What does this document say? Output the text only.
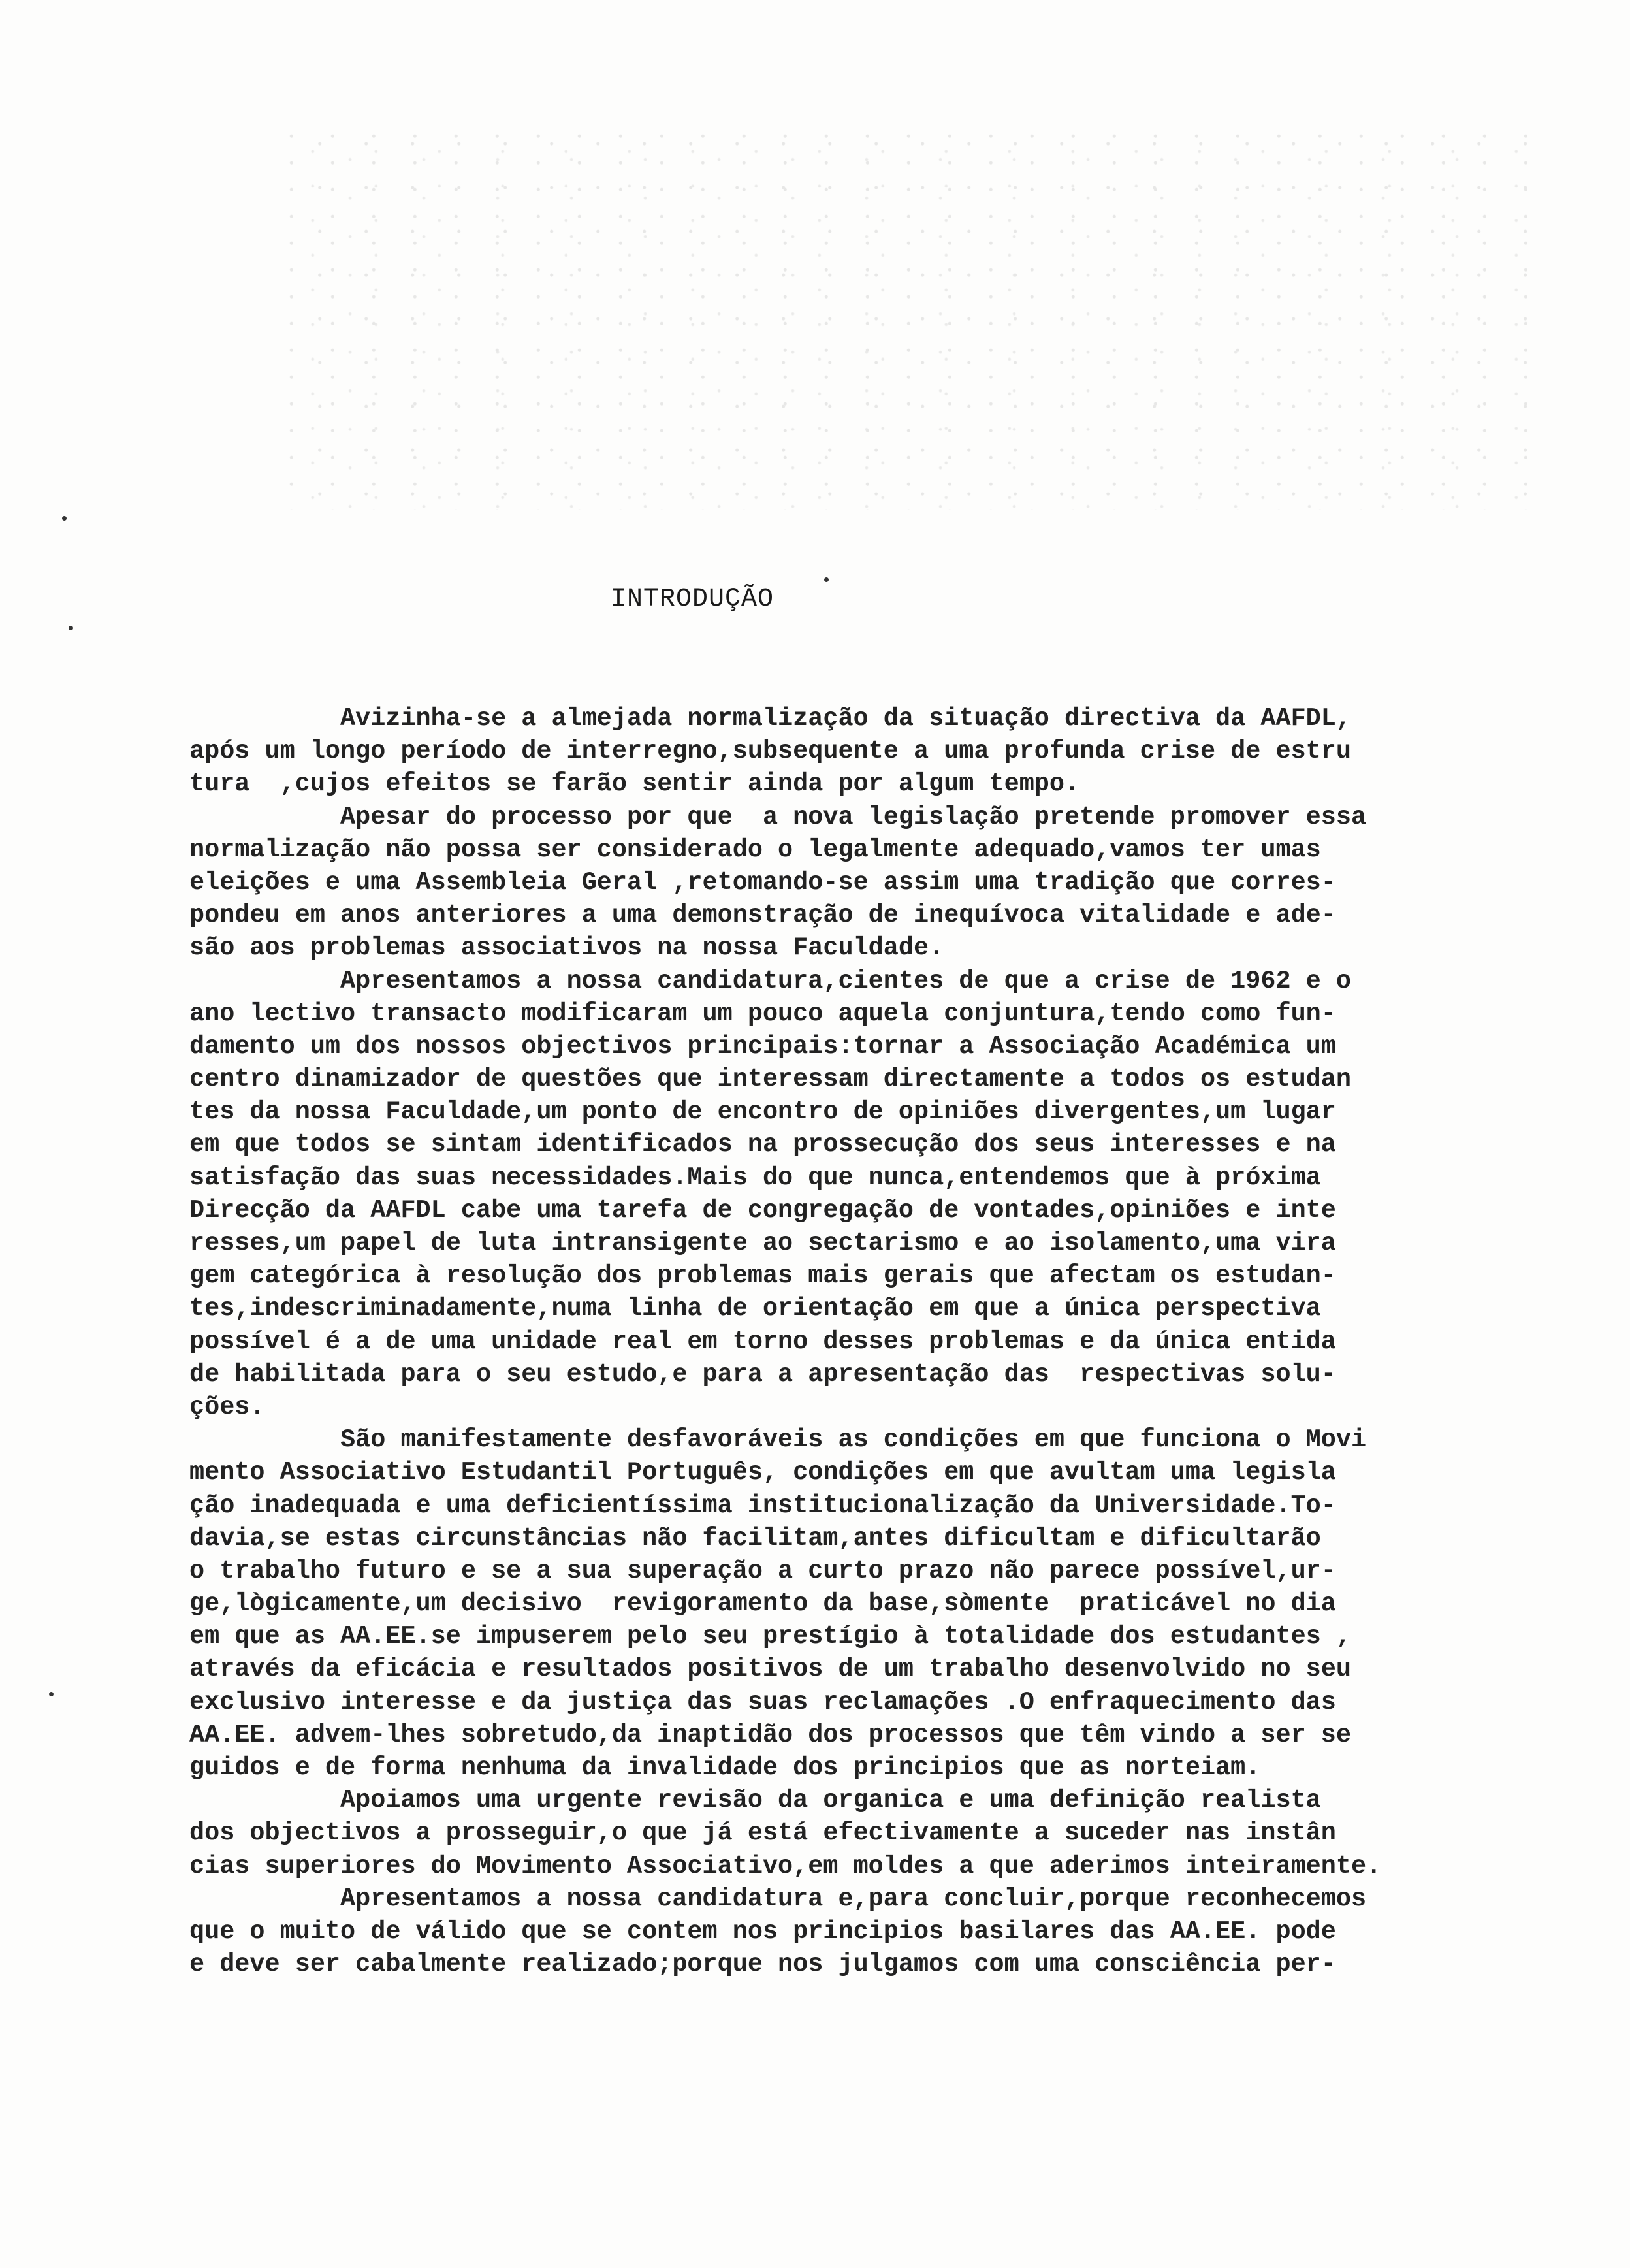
INTRODUÇÃO
Avizinha-se a almejada normalização da situação directiva da AAFDL,
após um longo período de interregno,subsequente a uma profunda crise de estru
tura  ,cujos efeitos se farão sentir ainda por algum tempo.
Apesar do processo por que  a nova legislação pretende promover essa
normalização não possa ser considerado o legalmente adequado,vamos ter umas
eleições e uma Assembleia Geral ,retomando-se assim uma tradição que corres-
pondeu em anos anteriores a uma demonstração de inequívoca vitalidade e ade-
são aos problemas associativos na nossa Faculdade.
Apresentamos a nossa candidatura,cientes de que a crise de 1962 e o
ano lectivo transacto modificaram um pouco aquela conjuntura,tendo como fun-
damento um dos nossos objectivos principais:tornar a Associação Académica um
centro dinamizador de questões que interessam directamente a todos os estudan
tes da nossa Faculdade,um ponto de encontro de opiniões divergentes,um lugar
em que todos se sintam identificados na prossecução dos seus interesses e na
satisfação das suas necessidades.Mais do que nunca,entendemos que à próxima
Direcção da AAFDL cabe uma tarefa de congregação de vontades,opiniões e inte
resses,um papel de luta intransigente ao sectarismo e ao isolamento,uma vira
gem categórica à resolução dos problemas mais gerais que afectam os estudan-
tes,indescriminadamente,numa linha de orientação em que a única perspectiva
possível é a de uma unidade real em torno desses problemas e da única entida
de habilitada para o seu estudo,e para a apresentação das  respectivas solu-
ções.
São manifestamente desfavoráveis as condições em que funciona o Movi
mento Associativo Estudantil Português, condições em que avultam uma legisla
ção inadequada e uma deficientíssima institucionalização da Universidade.To-
davia,se estas circunstâncias não facilitam,antes dificultam e dificultarão
o trabalho futuro e se a sua superação a curto prazo não parece possível,ur-
ge,lògicamente,um decisivo  revigoramento da base,sòmente  praticável no dia
em que as AA.EE.se impuserem pelo seu prestígio à totalidade dos estudantes ,
através da eficácia e resultados positivos de um trabalho desenvolvido no seu
exclusivo interesse e da justiça das suas reclamações .O enfraquecimento das
AA.EE. advem-lhes sobretudo,da inaptidão dos processos que têm vindo a ser se
guidos e de forma nenhuma da invalidade dos principios que as norteiam.
Apoiamos uma urgente revisão da organica e uma definição realista
dos objectivos a prosseguir,o que já está efectivamente a suceder nas instân
cias superiores do Movimento Associativo,em moldes a que aderimos inteiramente.
Apresentamos a nossa candidatura e,para concluir,porque reconhecemos
que o muito de válido que se contem nos principios basilares das AA.EE. pode
e deve ser cabalmente realizado;porque nos julgamos com uma consciência per-
